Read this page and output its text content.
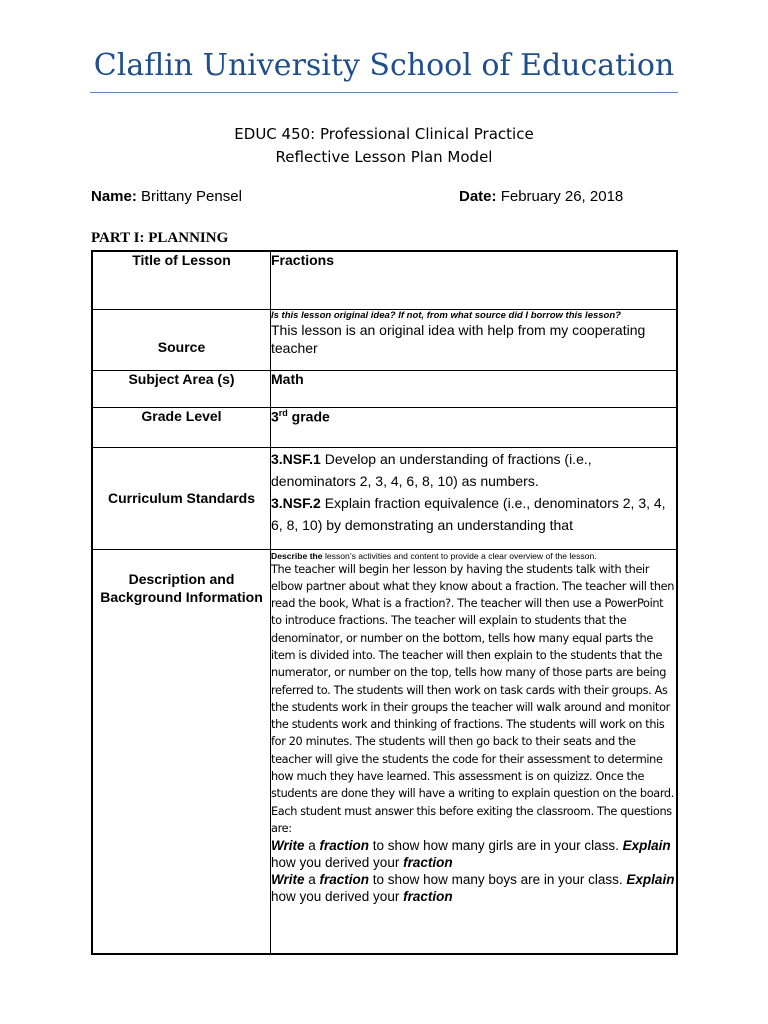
Claflin University School of Education
EDUC 450: Professional Clinical Practice
Reflective Lesson Plan Model
Name: Brittany Pensel	Date: February 26, 2018
PART I: PLANNING
Title of Lesson	Fractions
Source	Is this lesson original idea? If not, from what source did I borrow this lesson?
This lesson is an original idea with help from my cooperating teacher

Subject Area (s)	Math
Grade Level	3rd grade
Curriculum Standards	3.NSF.1 Develop an understanding of fractions (i.e., denominators 2, 3, 4, 6, 8, 10) as numbers.
3.NSF.2 Explain fraction equivalence (i.e., denominators 2, 3, 4, 6, 8, 10) by demonstrating an understanding that

Description and Background Information	Describe the lesson’s activities and content to provide a clear overview of the lesson.
The teacher will begin her lesson by having the students talk with their elbow partner about what they know about a fraction. The teacher will then read the book, What is a fraction?. The teacher will then use a PowerPoint to introduce fractions. The teacher will explain to students that the denominator, or number on the bottom, tells how many equal parts the item is divided into. The teacher will then explain to the students that the numerator, or number on the top, tells how many of those parts are being referred to. The students will then work on task cards with their groups. As the students work in their groups the teacher will walk around and monitor the students work and thinking of fractions. The students will work on this for 20 minutes. The students will then go back to their seats and the teacher will give the students the code for their assessment to determine how much they have learned. This assessment is on quizizz. Once the students are done they will have a writing to explain question on the board. Each student must answer this before exiting the classroom. The questions are:
Write a fraction to show how many girls are in your class. Explain how you derived your fraction
Write a fraction to show how many boys are in your class. Explain how you derived your fraction
